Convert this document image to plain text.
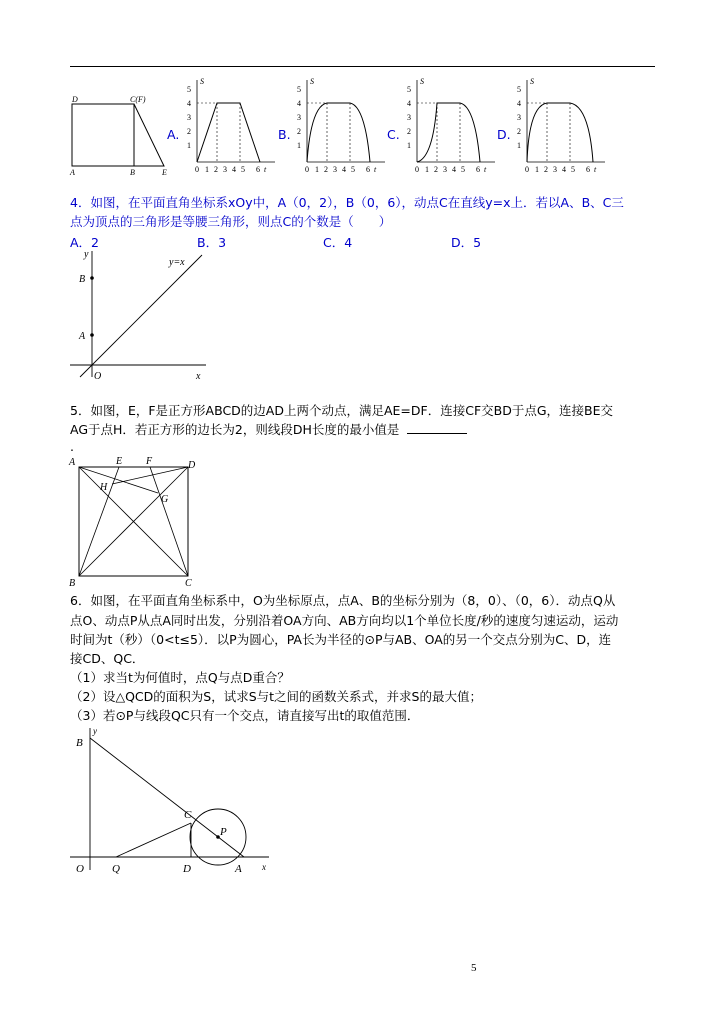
D	C(F)
A	B	E
A.
S
5
4
3
2
1
0 1 2 3 4 5 6 t
B.
S
5
4
3
2
1
0 1 2 3 4 5 6 t
C.
S
5
4
3
2
1
0 1 2 3 4 5 6 t
D.
S
5
4
3
2
1
0 1 2 3 4 5 6 t
4．如图，在平面直角坐标系xOy中，A（0，2），B（0，6），动点C在直线y=x上．若以A、B、C三
点为顶点的三角形是等腰三角形，则点C的个数是（　　）
A．2	B．3	C．4	D．5
y
x
O
B
A
y=x
5．如图，E，F是正方形ABCD的边AD上两个动点，满足AE=DF．连接CF交BD于点G，连接BE交
AG于点H．若正方形的边长为2，则线段DH长度的最小值是
.
A	E F	D
H
G
B	C
6．如图，在平面直角坐标系中，O为坐标原点，点A、B的坐标分别为（8，0）、（0，6）．动点Q从
点O、动点P从点A同时出发，分别沿着OA方向、AB方向均以1个单位长度/秒的速度匀速运动，运动
时间为t（秒）（0<t≤5）．以P为圆心，PA长为半径的⊙P与AB、OA的另一个交点分别为C、D，连
接CD、QC．
（1）求当t为何值时，点Q与点D重合？
（2）设△QCD的面积为S，试求S与t之间的函数关系式，并求S的最大值；
（3）若⊙P与线段QC只有一个交点，请直接写出t的取值范围．
B
y
C
P
O	Q	D	A x
5
